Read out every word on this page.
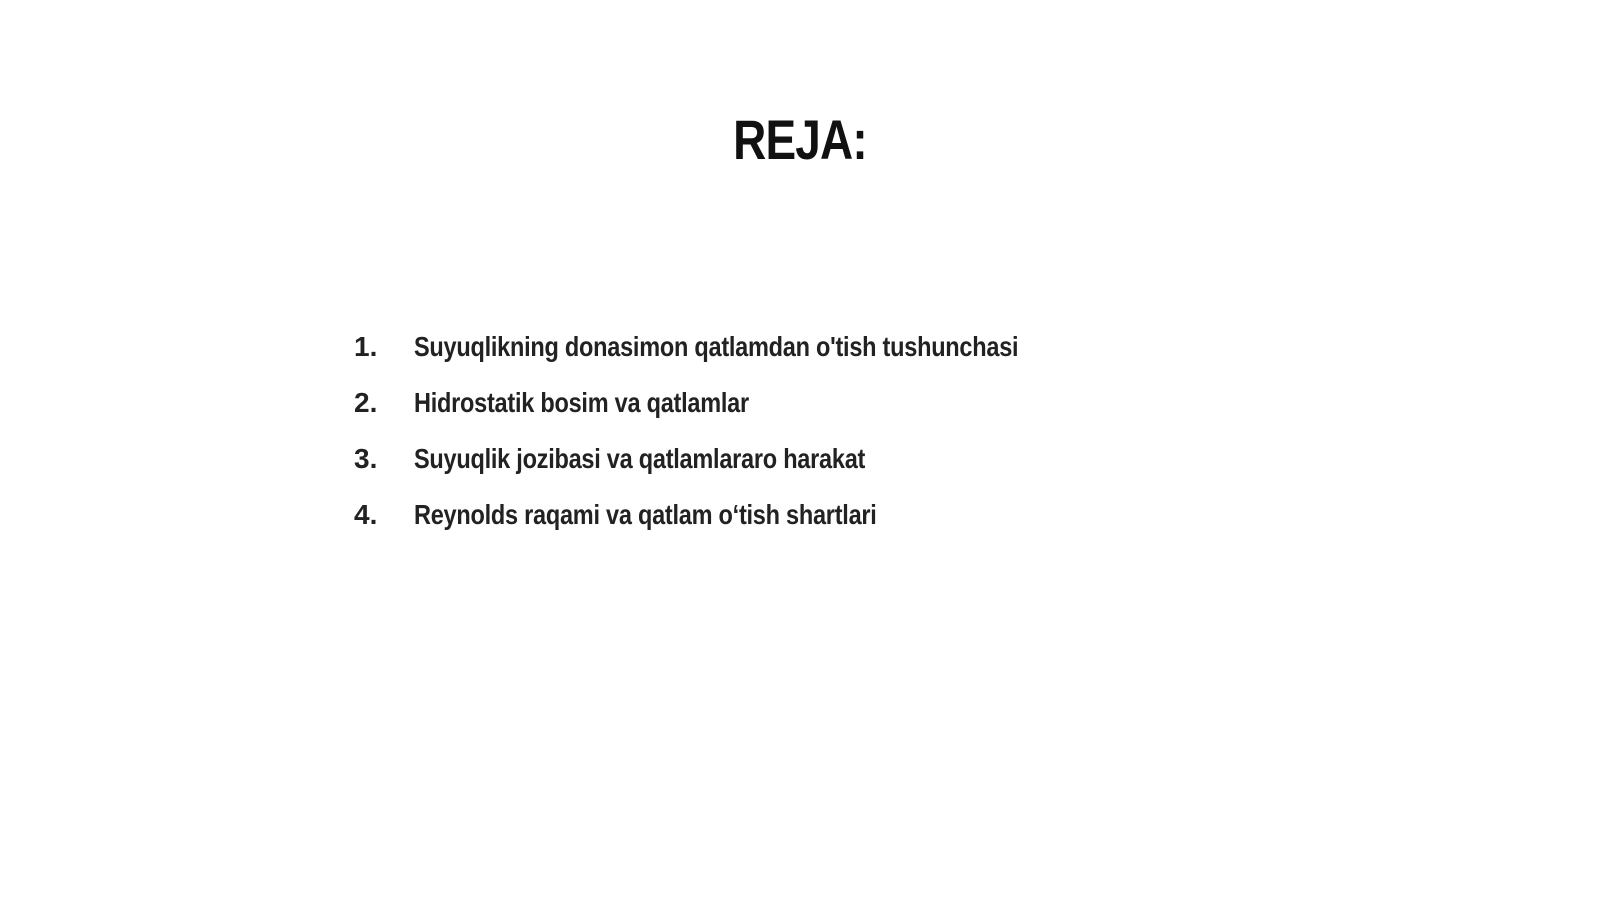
REJA:
1.	Suyuqlikning donasimon qatlamdan o'tish tushunchasi
2.	Hidrostatik bosim va qatlamlar
3.	Suyuqlik jozibasi va qatlamlararo harakat
4.	Reynolds raqami va qatlam o‘tish shartlari
